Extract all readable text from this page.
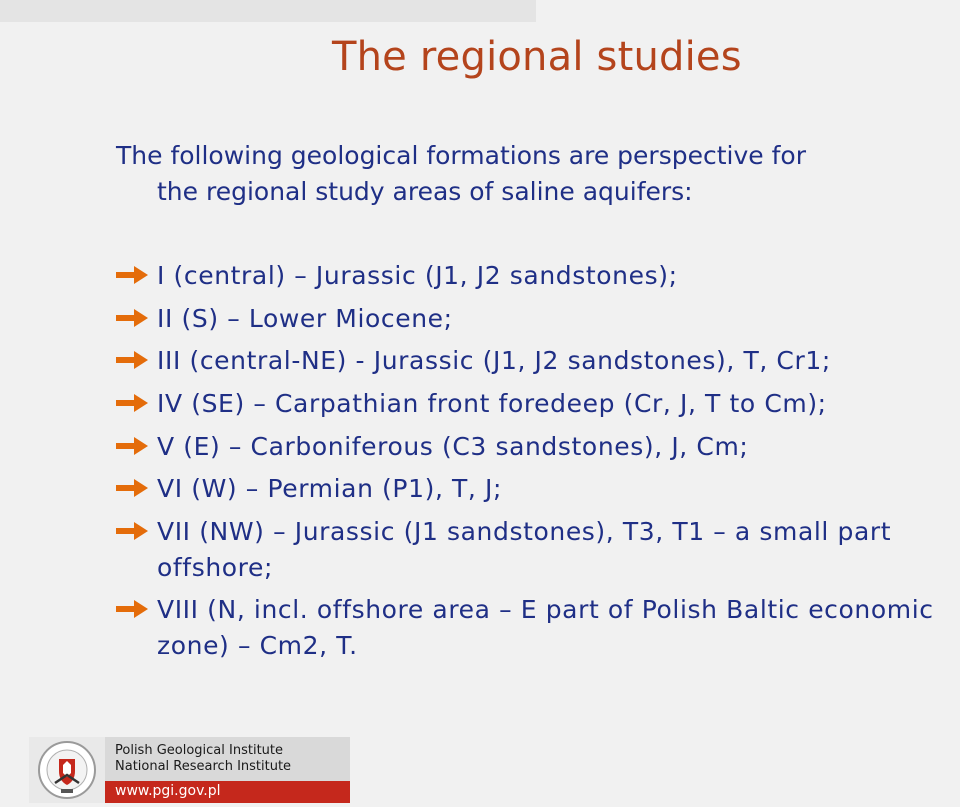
The regional studies
The following geological formations are perspective for
the regional study areas of saline aquifers:
I (central) – Jurassic (J1, J2 sandstones);
II (S) – Lower Miocene;
III (central-NE) - Jurassic (J1, J2 sandstones), T, Cr1;
IV (SE) – Carpathian front foredeep (Cr, J, T to Cm);
V (E) – Carboniferous (C3 sandstones), J, Cm;
VI (W) – Permian (P1), T, J;
VII (NW) – Jurassic (J1 sandstones), T3, T1 – a small part offshore;
VIII (N, incl. offshore area – E part of Polish Baltic economic zone) – Cm2, T.
Polish Geological Institute
National Research Institute
www.pgi.gov.pl
